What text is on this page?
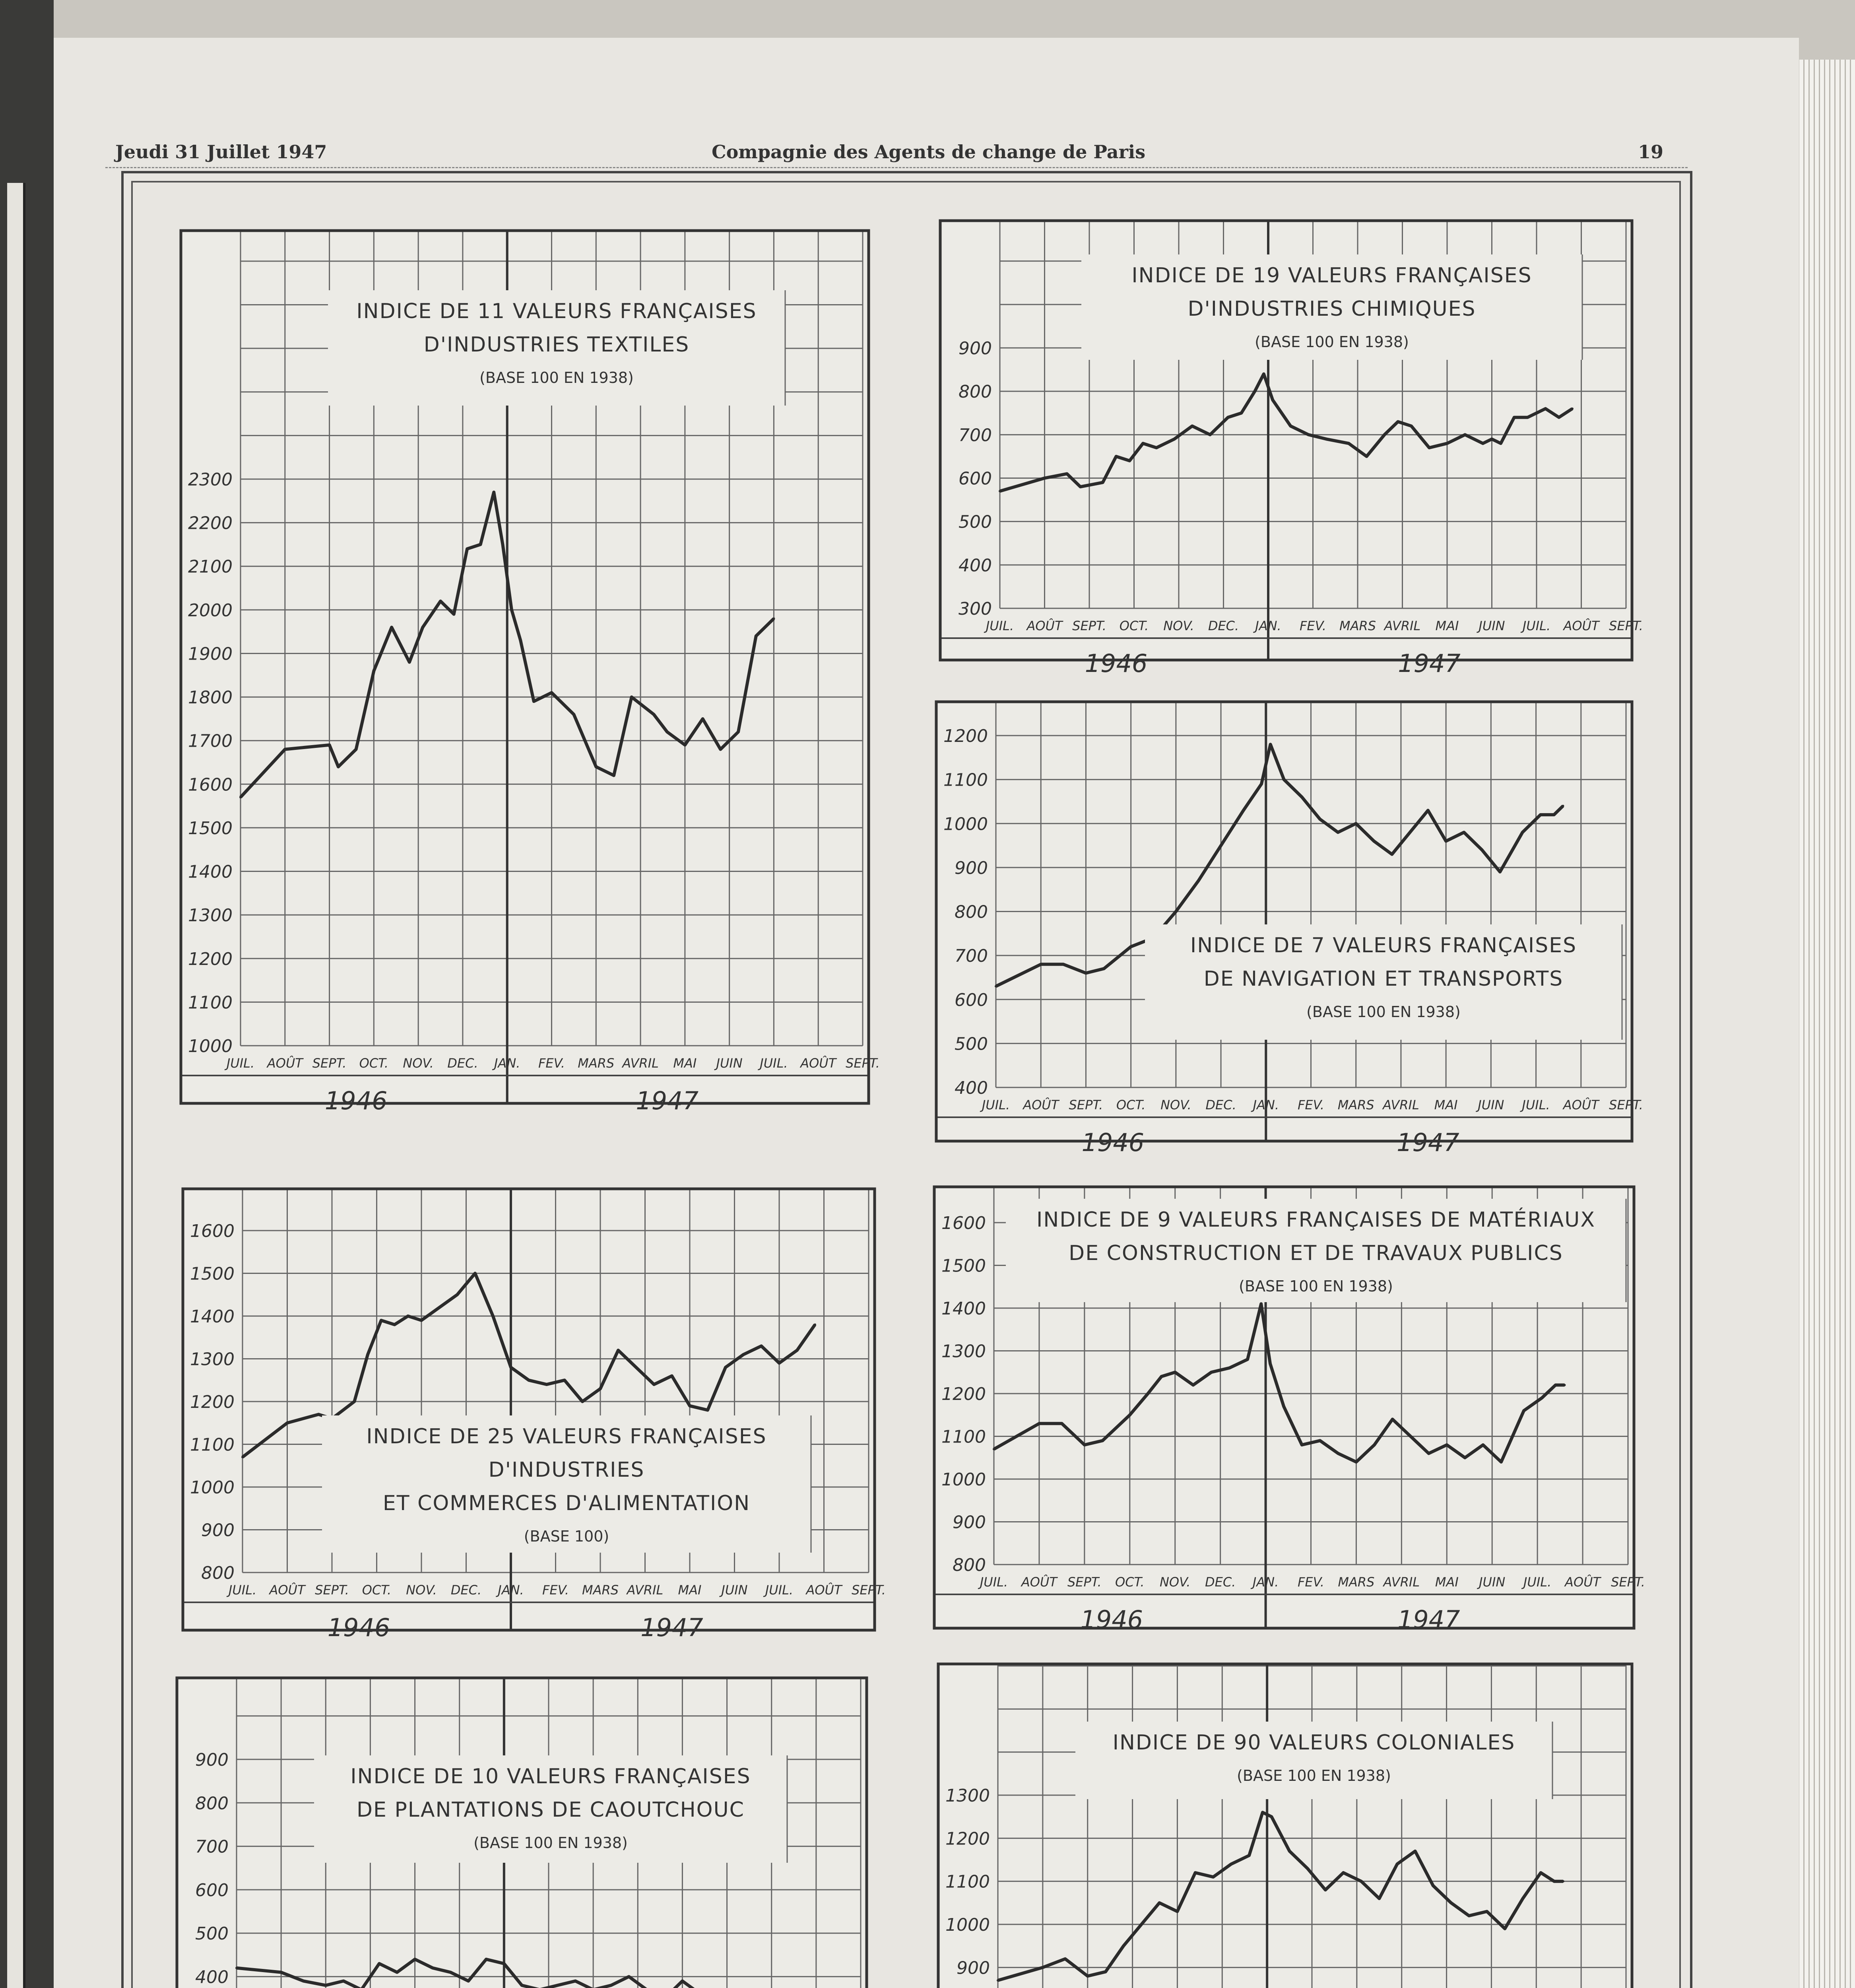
Jeudi 31 Juillet 1947	Compagnie des Agents de change de Paris	19
1000
1100
1200
1300
1400
1500
1600
1700
1800
1900
2000
2100
2200
2300
JUIL. AOÛT SEPT. OCT. NOV. DEC. JAN. FEV. MARS AVRIL MAI JUIN JUIL. AOÛT SEPT.
1946	1947
INDICE DE 11 VALEURS FRANÇAISES
D'INDUSTRIES TEXTILES
(BASE 100 EN 1938)
300
400
500
600
700
800
900
JUIL. AOÛT SEPT. OCT. NOV. DEC. JAN. FEV. MARS AVRIL MAI JUIN JUIL. AOÛT SEPT.
1946	1947
INDICE DE 19 VALEURS FRANÇAISES
D'INDUSTRIES CHIMIQUES
(BASE 100 EN 1938)
400
500
600
700
800
900
1000
1100
1200
JUIL. AOÛT SEPT. OCT. NOV. DEC. JAN. FEV. MARS AVRIL MAI JUIN JUIL. AOÛT SEPT.
1946	1947
INDICE DE 7 VALEURS FRANÇAISES
DE NAVIGATION ET TRANSPORTS
(BASE 100 EN 1938)
800
900
1000
1100
1200
1300
1400
1500
1600
JUIL. AOÛT SEPT. OCT. NOV. DEC. JAN. FEV. MARS AVRIL MAI JUIN JUIL. AOÛT SEPT.
1946	1947
INDICE DE 25 VALEURS FRANÇAISES
D'INDUSTRIES
ET COMMERCES D'ALIMENTATION
(BASE 100)
800
900
1000
1100
1200
1300
1400
1500
1600
JUIL. AOÛT SEPT. OCT. NOV. DEC. JAN. FEV. MARS AVRIL MAI JUIN JUIL. AOÛT SEPT.
1946	1947
INDICE DE 9 VALEURS FRANÇAISES DE MATÉRIAUX
DE CONSTRUCTION ET DE TRAVAUX PUBLICS
(BASE 100 EN 1938)
400
500
600
700
800
900
INDICE DE 10 VALEURS FRANÇAISES
DE PLANTATIONS DE CAOUTCHOUC
(BASE 100 EN 1938)
900
1000
1100
1200
1300
INDICE DE 90 VALEURS COLONIALES
(BASE 100 EN 1938)
